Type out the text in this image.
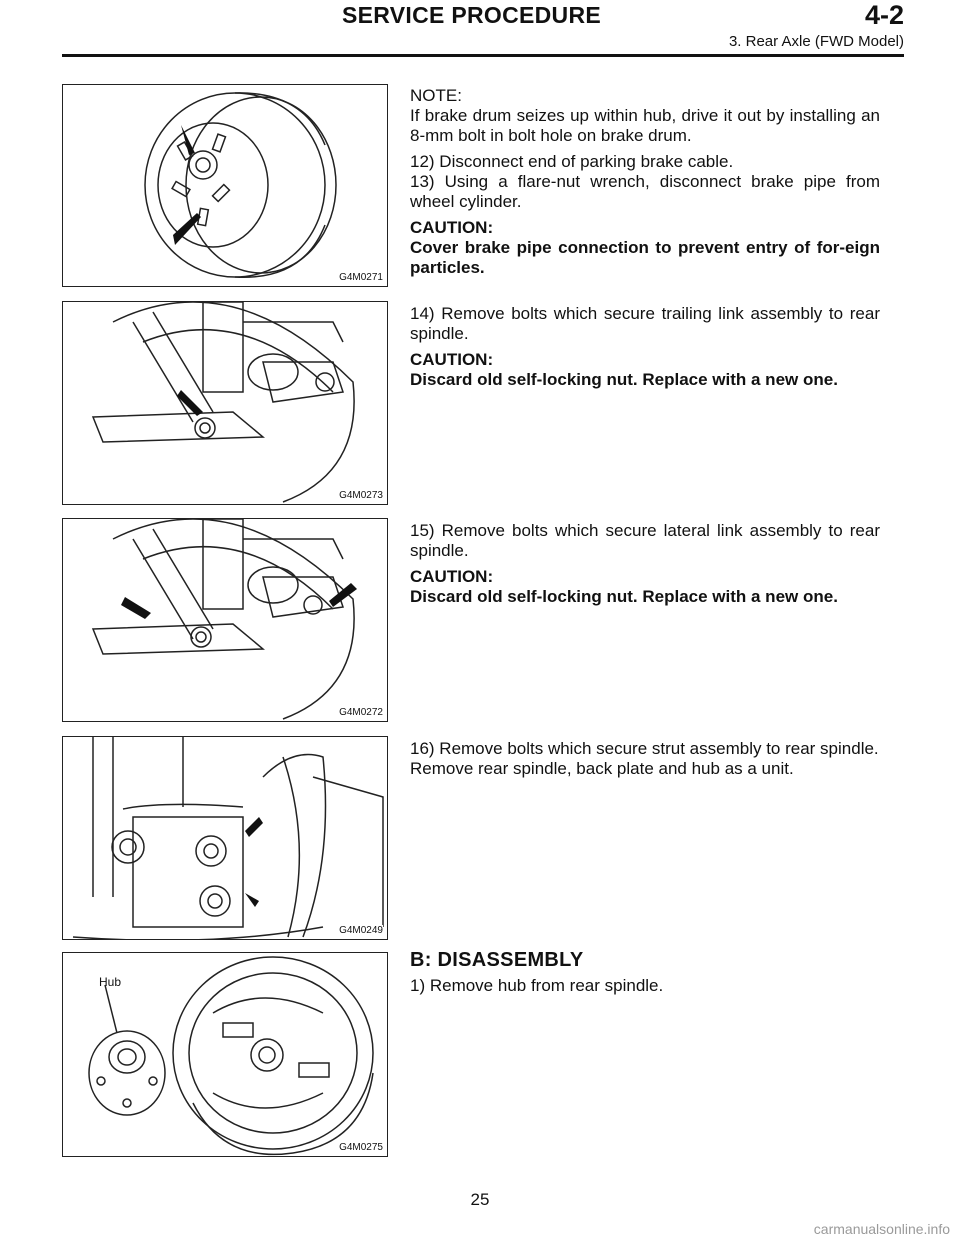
SERVICE PROCEDURE	4-2
3. Rear Axle (FWD Model)
G4M0271

NOTE:

If brake drum seizes up within hub, drive it out by installing an 8-mm bolt in bolt hole on brake drum.

12) Disconnect end of parking brake cable.

13) Using a flare-nut wrench, disconnect brake pipe from wheel cylinder.

CAUTION:

Cover brake pipe connection to prevent entry of for-eign particles.

G4M0273

14) Remove bolts which secure trailing link assembly to rear spindle.

CAUTION:

Discard old self-locking nut. Replace with a new one.

G4M0272

15) Remove bolts which secure lateral link assembly to rear spindle.

CAUTION:

Discard old self-locking nut. Replace with a new one.

G4M0249

16) Remove bolts which secure strut assembly to rear spindle.

Remove rear spindle, back plate and hub as a unit.

Hub
G4M0275

B: DISASSEMBLY

1) Remove hub from rear spindle.

25
carmanualsonline.info
